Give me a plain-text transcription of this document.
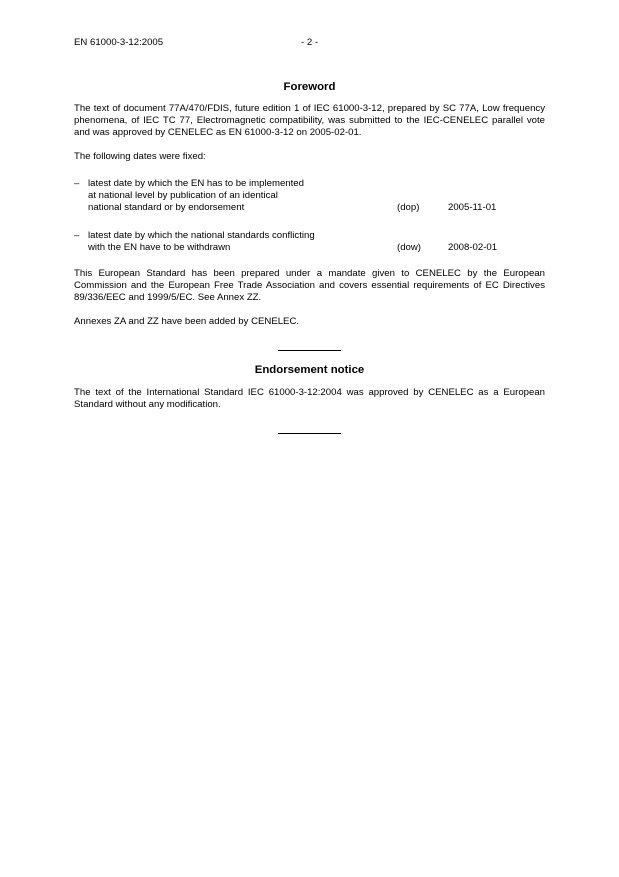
EN 61000-3-12:2005	- 2 -
Foreword

The text of document 77A/470/FDIS, future edition 1 of IEC 61000-3-12, prepared by SC 77A, Low frequency phenomena, of IEC TC 77, Electromagnetic compatibility, was submitted to the IEC-CENELEC parallel vote and was approved by CENELEC as EN 61000-3-12 on 2005-02-01.

The following dates were fixed:
– latest date by which the EN has to be implemented
at national level by publication of an identical
national standard or by endorsement	(dop)	2005-11-01
– latest date by which the national standards conflicting
with the EN have to be withdrawn	(dow)	2008-02-01

This European Standard has been prepared under a mandate given to CENELEC by the European Commission and the European Free Trade Association and covers essential requirements of EC Directives 89/336/EEC and 1999/5/EC. See Annex ZZ.

Annexes ZA and ZZ have been added by CENELEC.
Endorsement notice

The text of the International Standard IEC 61000-3-12:2004 was approved by CENELEC as a European Standard without any modification.
